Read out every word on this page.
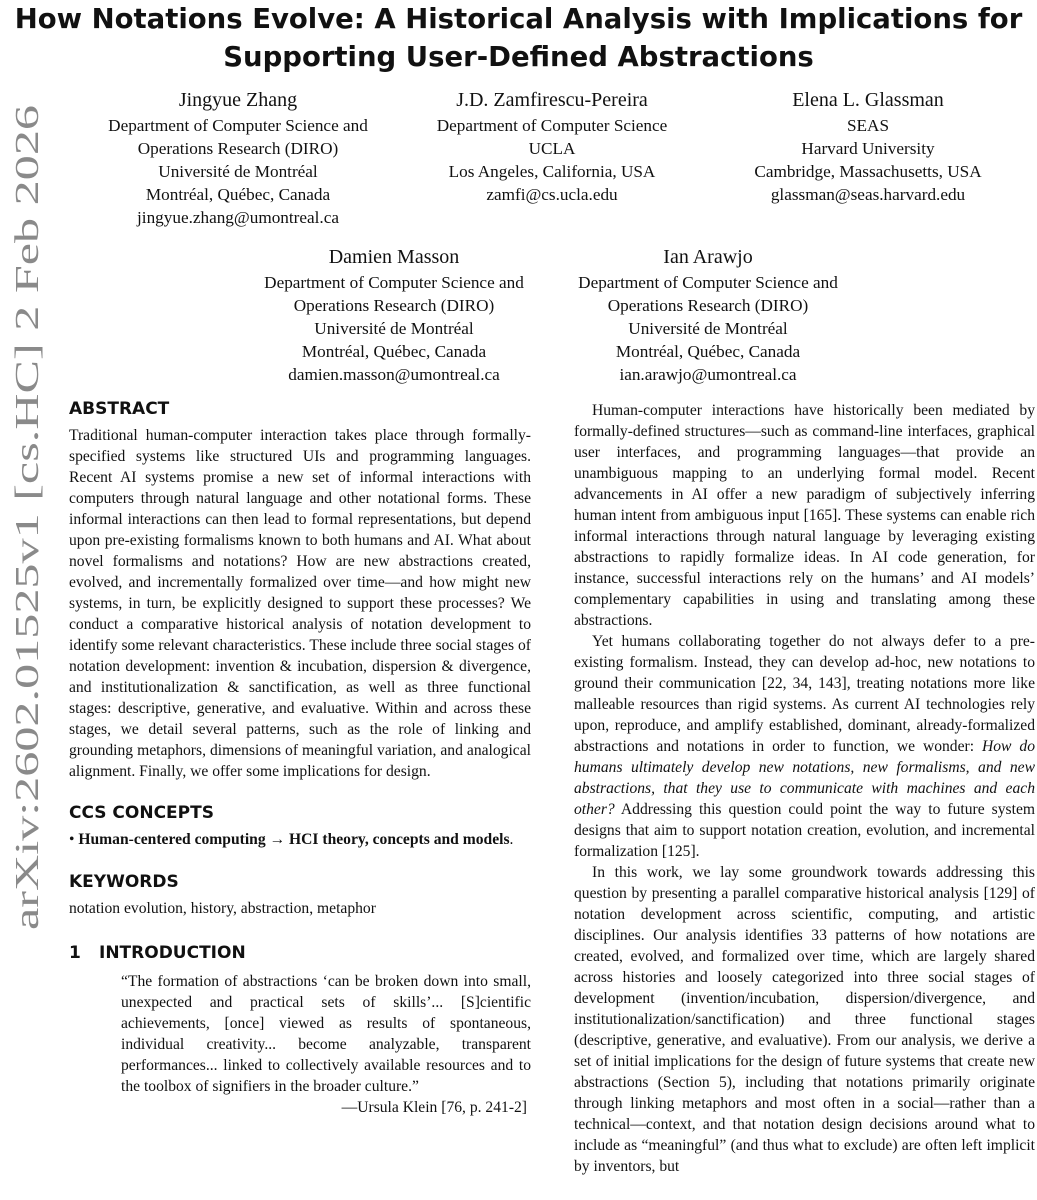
arXiv:2602.01525v1 [cs.HC] 2 Feb 2026
How Notations Evolve: A Historical Analysis with Implications for
Supporting User-Defined Abstractions
Jingyue Zhang
Department of Computer Science and
Operations Research (DIRO)
Université de Montréal
Montréal, Québec, Canada
jingyue.zhang@umontreal.ca
J.D. Zamfirescu-Pereira
Department of Computer Science
UCLA
Los Angeles, California, USA
zamfi@cs.ucla.edu
Elena L. Glassman
SEAS
Harvard University
Cambridge, Massachusetts, USA
glassman@seas.harvard.edu
Damien Masson
Department of Computer Science and
Operations Research (DIRO)
Université de Montréal
Montréal, Québec, Canada
damien.masson@umontreal.ca
Ian Arawjo
Department of Computer Science and
Operations Research (DIRO)
Université de Montréal
Montréal, Québec, Canada
ian.arawjo@umontreal.ca
ABSTRACT

Traditional human-computer interaction takes place through formally-specified systems like structured UIs and programming languages. Recent AI systems promise a new set of informal interactions with computers through natural language and other notational forms. These informal interactions can then lead to formal representations, but depend upon pre-existing formalisms known to both humans and AI. What about novel formalisms and notations? How are new abstractions created, evolved, and incrementally formalized over time—and how might new systems, in turn, be explicitly designed to support these processes? We conduct a comparative historical analysis of notation development to identify some relevant characteristics. These include three social stages of notation development: invention & incubation, dispersion & divergence, and institutionalization & sanctification, as well as three functional stages: descriptive, generative, and evaluative. Within and across these stages, we detail several patterns, such as the role of linking and grounding metaphors, dimensions of meaningful variation, and analogical alignment. Finally, we offer some implications for design.

CCS CONCEPTS

• Human-centered computing → HCI theory, concepts and models.

KEYWORDS

notation evolution, history, abstraction, metaphor

1 INTRODUCTION

“The formation of abstractions ‘can be broken down into small, unexpected and practical sets of skills’... [S]cientific achievements, [once] viewed as results of spontaneous, individual creativity... become analyzable, transparent performances... linked to collectively available resources and to the toolbox of signifiers in the broader culture.”

—Ursula Klein [76, p. 241-2]

Human-computer interactions have historically been mediated by formally-defined structures—such as command-line interfaces, graphical user interfaces, and programming languages—that provide an unambiguous mapping to an underlying formal model. Recent advancements in AI offer a new paradigm of subjectively inferring human intent from ambiguous input [165]. These systems can enable rich informal interactions through natural language by leveraging existing abstractions to rapidly formalize ideas. In AI code generation, for instance, successful interactions rely on the humans’ and AI models’ complementary capabilities in using and translating among these abstractions.

Yet humans collaborating together do not always defer to a pre-existing formalism. Instead, they can develop ad-hoc, new notations to ground their communication [22, 34, 143], treating notations more like malleable resources than rigid systems. As current AI technologies rely upon, reproduce, and amplify established, dominant, already-formalized abstractions and notations in order to function, we wonder: How do humans ultimately develop new notations, new formalisms, and new abstractions, that they use to communicate with machines and each other? Addressing this question could point the way to future system designs that aim to support notation creation, evolution, and incremental formalization [125].

In this work, we lay some groundwork towards addressing this question by presenting a parallel comparative historical analysis [129] of notation development across scientific, computing, and artistic disciplines. Our analysis identifies 33 patterns of how notations are created, evolved, and formalized over time, which are largely shared across histories and loosely categorized into three social stages of development (invention/incubation, dispersion/divergence, and institutionalization/sanctification) and three functional stages (descriptive, generative, and evaluative). From our analysis, we derive a set of initial implications for the design of future systems that create new abstractions (Section 5), including that notations primarily originate through linking metaphors and most often in a social—rather than a technical—context, and that notation design decisions around what to include as “meaningful” (and thus what to exclude) are often left implicit by inventors, but
